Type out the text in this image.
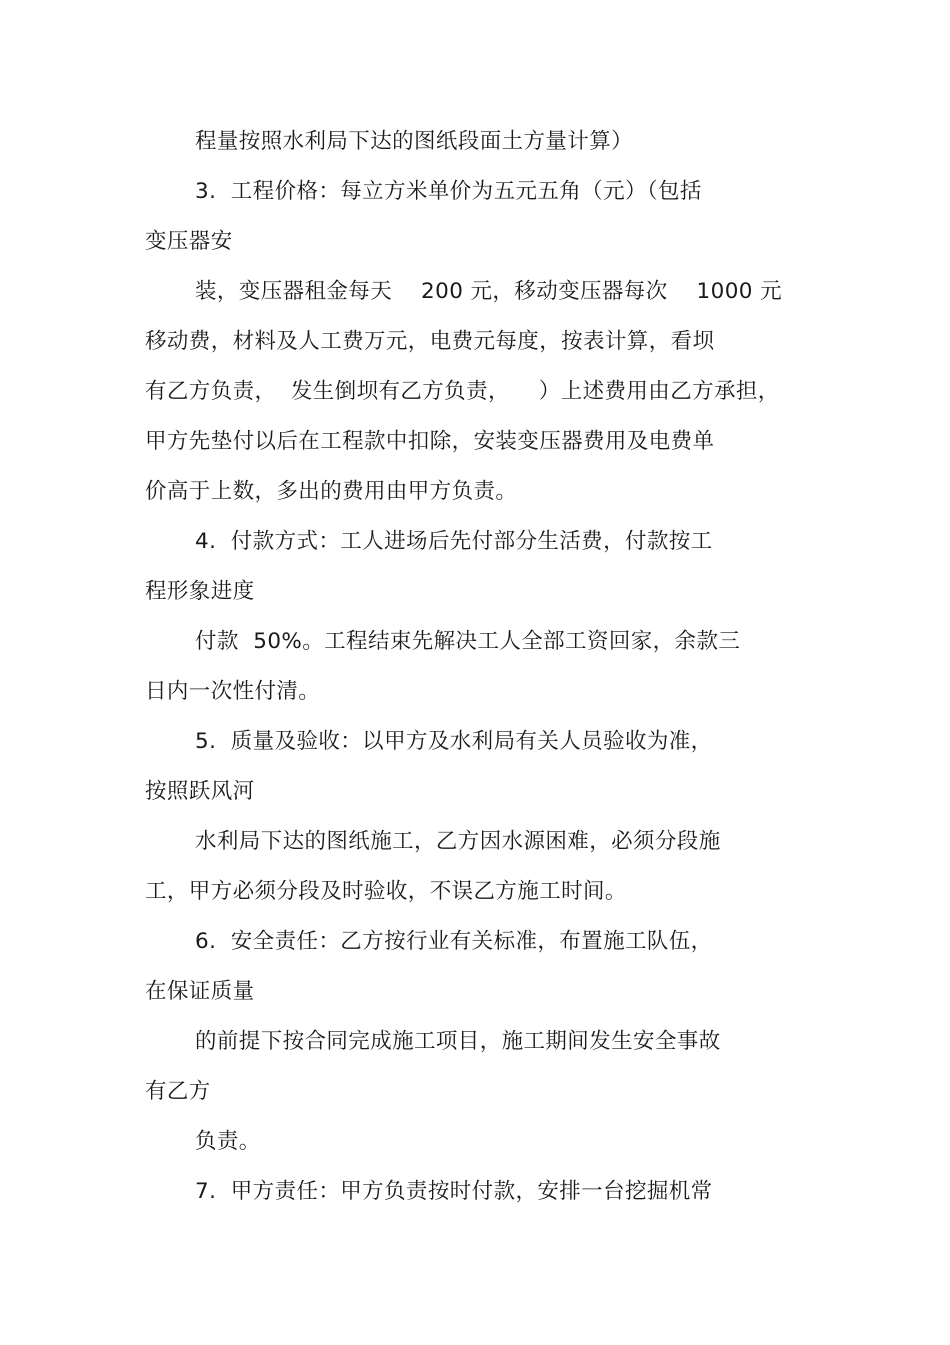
程量按照水利局下达的图纸段面土方量计算）
3.  工程价格：每立方米单价为五元五角（元）（包括
变压器安
装，变压器租金每天    200 元，移动变压器每次    1000 元
移动费，材料及人工费万元，电费元每度，按表计算，看坝
有乙方负责，  发生倒坝有乙方负责，    ）上述费用由乙方承担，
甲方先垫付以后在工程款中扣除，安装变压器费用及电费单
价高于上数，多出的费用由甲方负责。
4.  付款方式：工人进场后先付部分生活费，付款按工
程形象进度
付款  50%。工程结束先解决工人全部工资回家，余款三
日内一次性付清。
5.  质量及验收：以甲方及水利局有关人员验收为准，
按照跃风河
水利局下达的图纸施工，乙方因水源困难，必须分段施
工，甲方必须分段及时验收，不误乙方施工时间。
6.  安全责任：乙方按行业有关标准，布置施工队伍，
在保证质量
的前提下按合同完成施工项目，施工期间发生安全事故
有乙方
负责。
7.  甲方责任：甲方负责按时付款，安排一台挖掘机常
